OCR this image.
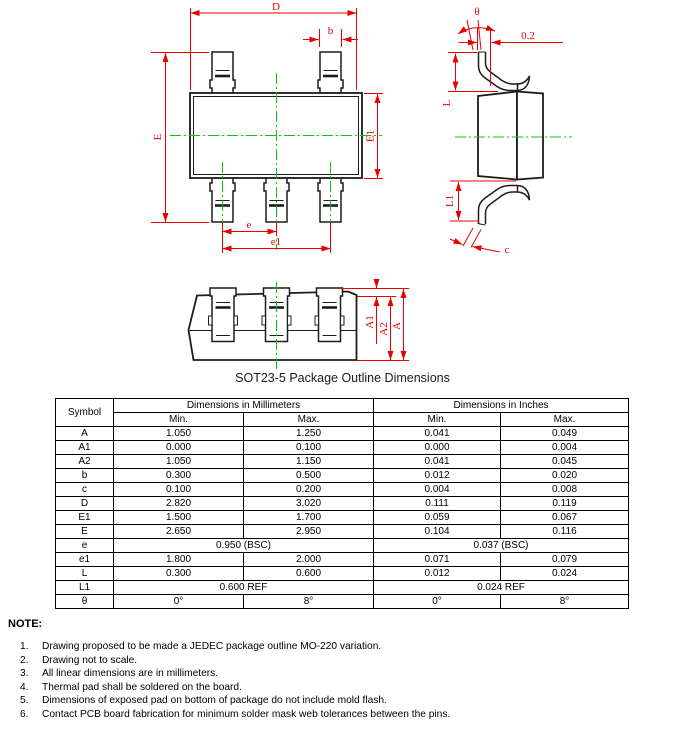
D
b
E	E1
e
e1
θ
0.2
L
L1
c
A1
A2 A
SOT23-5 Package Outline Dimensions
Symbol	Dimensions in Millimeters		Dimensions in Inches	
	Min.	Max.	Min.	Max.
A	1.050	1.250	0.041	0.049
A1	0.000	0.100	0.000	0.004
A2	1.050	1.150	0.041	0.045
b	0.300	0.500	0.012	0.020
c	0.100	0.200	0.004	0.008
D	2.820	3.020	0.111	0.119
E1	1.500	1.700	0.059	0.067
E	2.650	2.950	0.104	0.116
e	0.950 (BSC)		0.037 (BSC)	
e1	1.800	2.000	0.071	0.079
L	0.300	0.600	0.012	0.024
L1	0.600 REF		0.024 REF	
θ	0°	8°	0°	8°
NOTE:
1.	Drawing proposed to be made a JEDEC package outline MO-220 variation.
2.	Drawing not to scale.
3.	All linear dimensions are in millimeters.
4.	Thermal pad shall be soldered on the board.
5.	Dimensions of exposed pad on bottom of package do not include mold flash.
6.	Contact PCB board fabrication for minimum solder mask web tolerances between the pins.
